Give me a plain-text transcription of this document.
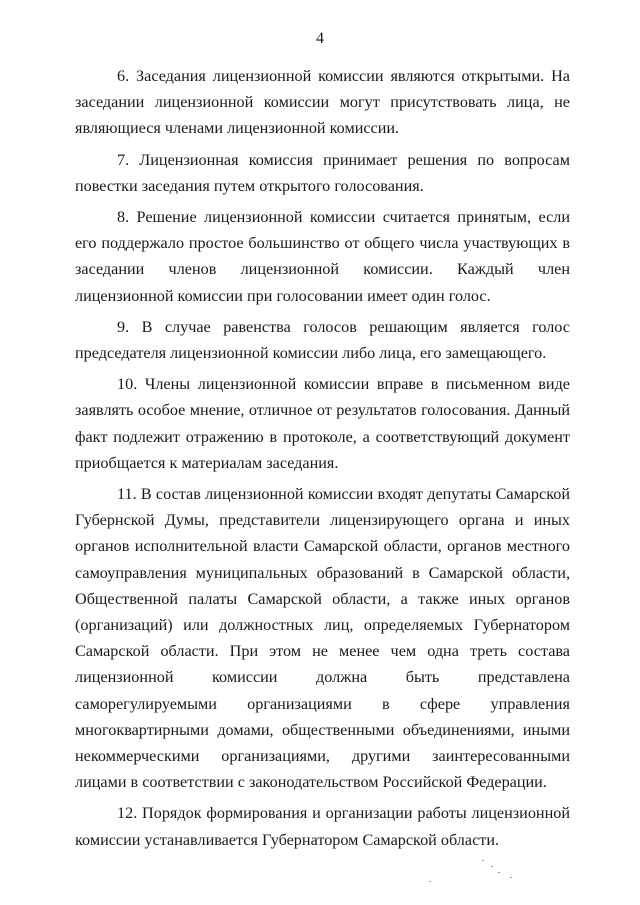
4

6. Заседания лицензионной комиссии являются открытыми. На заседании лицензионной комиссии могут присутствовать лица, не являющиеся членами лицензионной комиссии.

7. Лицензионная комиссия принимает решения по вопросам повестки заседания путем открытого голосования.

8. Решение лицензионной комиссии считается принятым, если его поддержало простое большинство от общего числа участвующих в заседании членов лицензионной комиссии. Каждый член лицензионной комиссии при голосовании имеет один голос.

9. В случае равенства голосов решающим является голос председателя лицензионной комиссии либо лица, его замещающего.

10. Члены лицензионной комиссии вправе в письменном виде заявлять особое мнение, отличное от результатов голосования. Данный факт подлежит отражению в протоколе, а соответствующий документ приобщается к материалам заседания.

11. В состав лицензионной комиссии входят депутаты Самарской Губернской Думы, представители лицензирующего органа и иных органов исполнительной власти Самарской области, органов местного самоуправления муниципальных образований в Самарской области, Общественной палаты Самарской области, а также иных органов (организаций) или должностных лиц, определяемых Губернатором Самарской области. При этом не менее чем одна треть состава лицензионной комиссии должна быть представлена саморегулируемыми организациями в сфере управления многоквартирными домами, общественными объединениями, иными некоммерческими организациями, другими заинтересованными лицами в соответствии с законодательством Российской Федерации.

12. Порядок формирования и организации работы лицензионной комиссии устанавливается Губернатором Самарской области.
